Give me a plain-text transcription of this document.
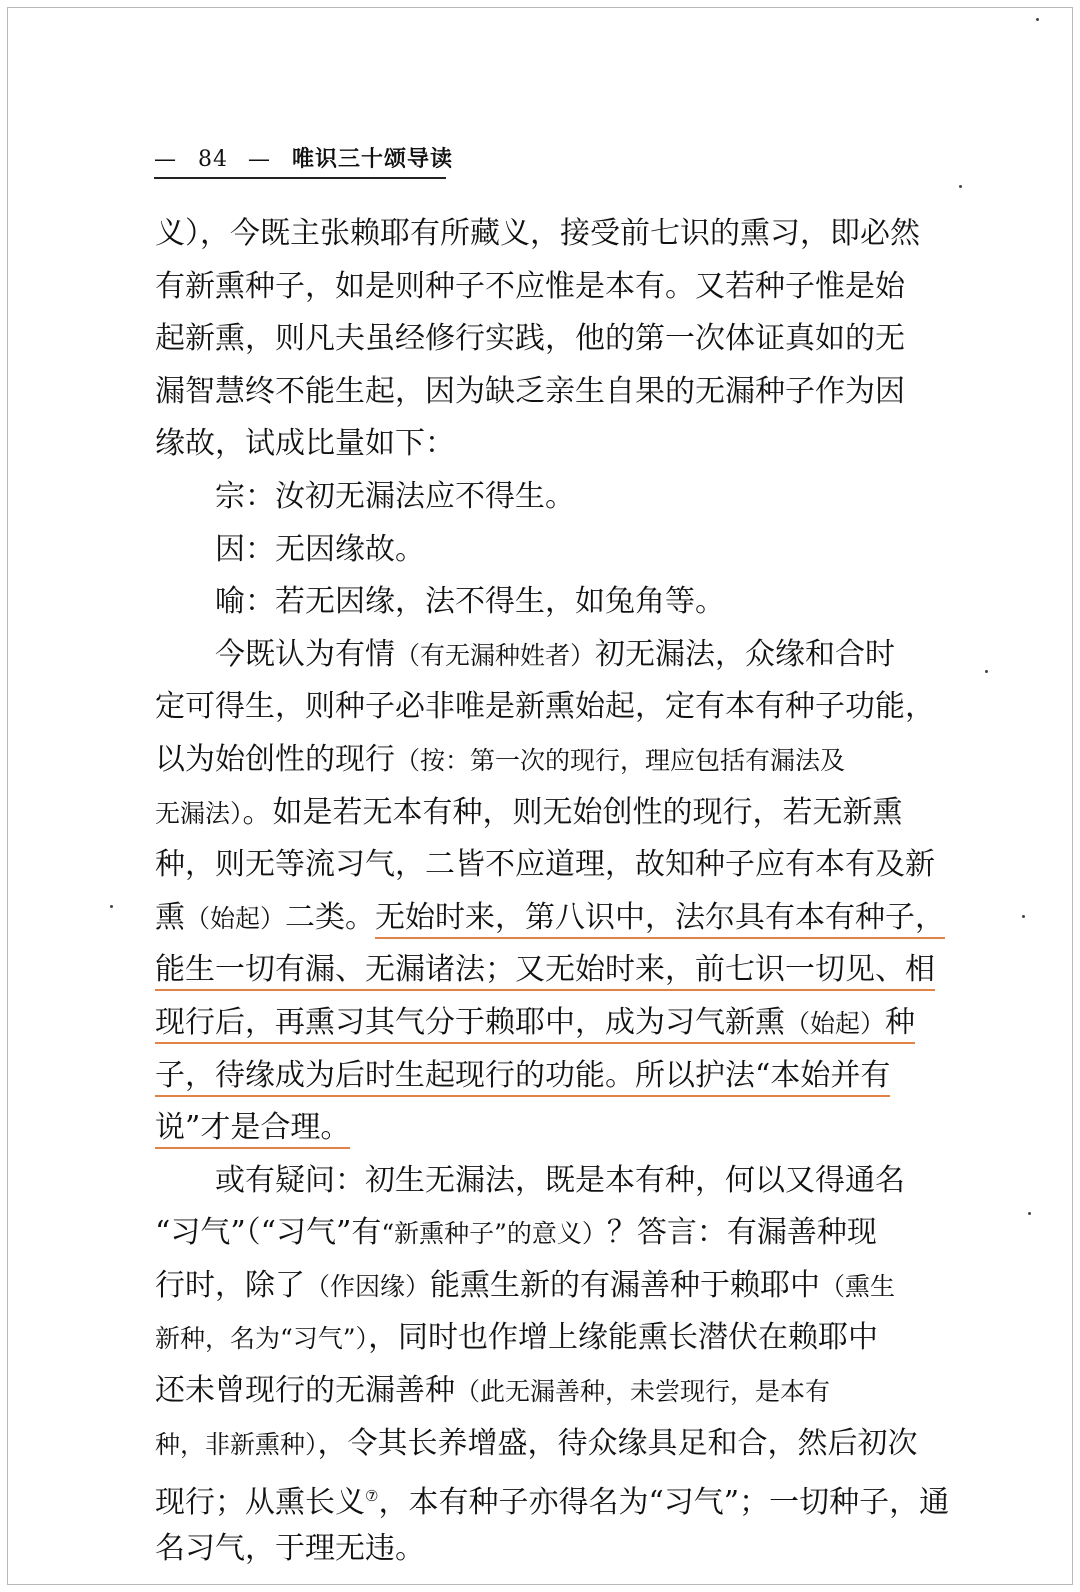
— 84 — 唯识三十颂导读
义），今既主张赖耶有所藏义，接受前七识的熏习，即必然
有新熏种子，如是则种子不应惟是本有。又若种子惟是始
起新熏，则凡夫虽经修行实践，他的第一次体证真如的无
漏智慧终不能生起，因为缺乏亲生自果的无漏种子作为因
缘故，试成比量如下：
宗：汝初无漏法应不得生。
因：无因缘故。
喻：若无因缘，法不得生，如兔角等。
今既认为有情（有无漏种姓者）初无漏法，众缘和合时
定可得生，则种子必非唯是新熏始起，定有本有种子功能，
以为始创性的现行（按：第一次的现行，理应包括有漏法及
无漏法）。如是若无本有种，则无始创性的现行，若无新熏
种，则无等流习气，二皆不应道理，故知种子应有本有及新
熏（始起）二类。无始时来，第八识中，法尔具有本有种子，
能生一切有漏、无漏诸法；又无始时来，前七识一切见、相
现行后，再熏习其气分于赖耶中，成为习气新熏（始起）种
子，待缘成为后时生起现行的功能。所以护法“本始并有
说”才是合理。
或有疑问：初生无漏法，既是本有种，何以又得通名
“习气”（“习气”有“新熏种子”的意义）？答言：有漏善种现
行时，除了（作因缘）能熏生新的有漏善种于赖耶中（熏生
新种，名为“习气”），同时也作增上缘能熏长潜伏在赖耶中
还未曾现行的无漏善种（此无漏善种，未尝现行，是本有
种，非新熏种），令其长养增盛，待众缘具足和合，然后初次
现行；从熏长义⑦，本有种子亦得名为“习气”；一切种子，通
名习气，于理无违。
